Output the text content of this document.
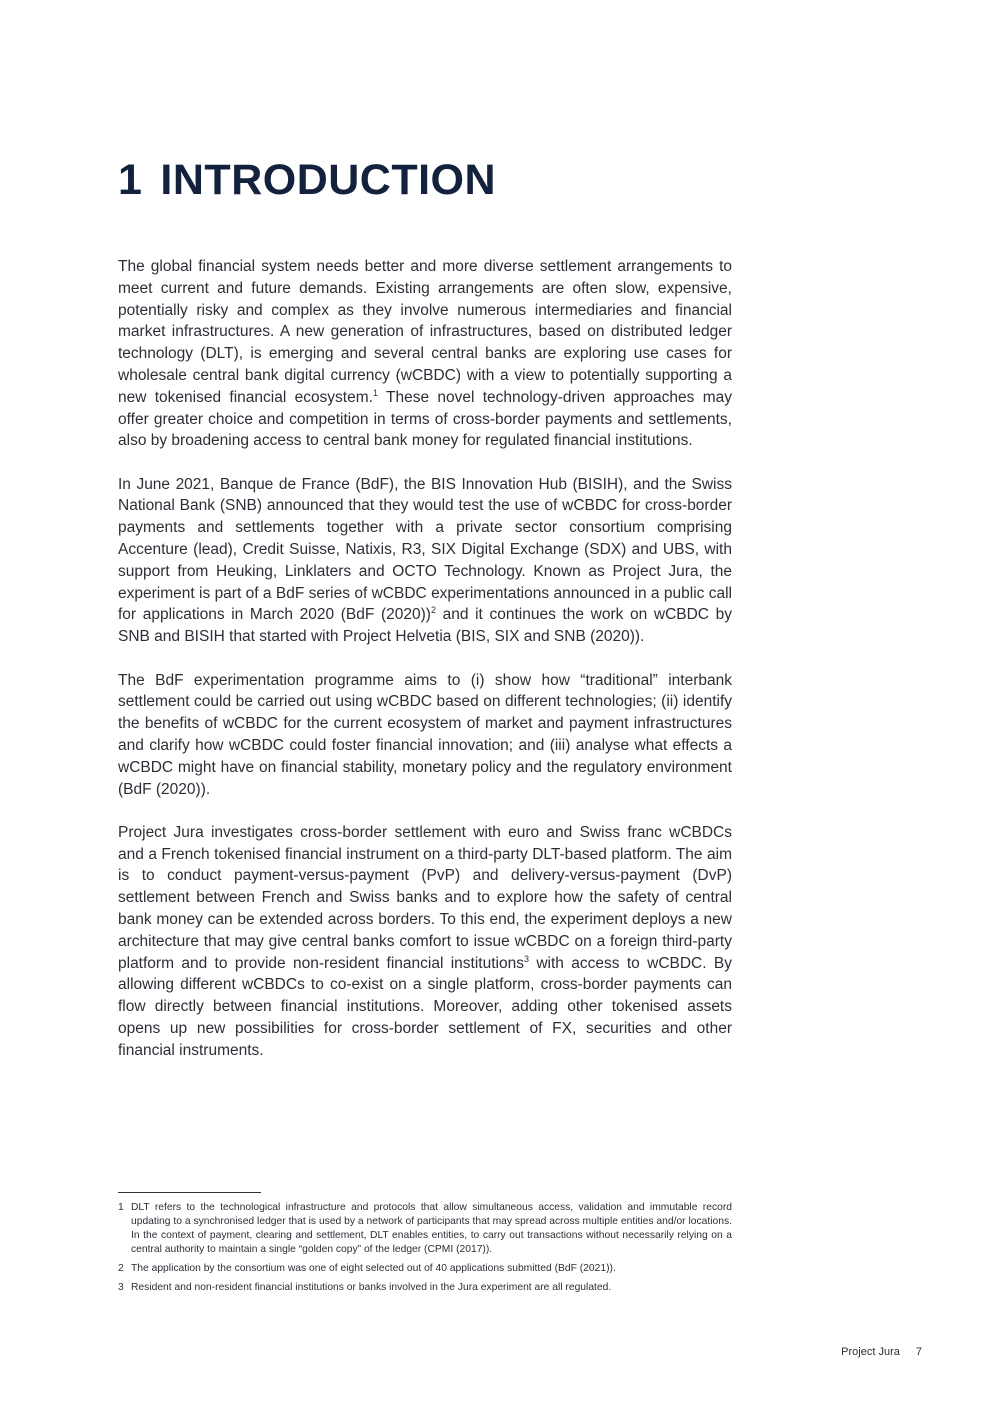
1 INTRODUCTION

The global financial system needs better and more diverse settlement arrangements to meet current and future demands. Existing arrangements are often slow, expensive, potentially risky and complex as they involve numerous intermediaries and financial market infrastructures. A new generation of infrastructures, based on distributed ledger technology (DLT), is emerging and several central banks are exploring use cases for wholesale central bank digital currency (wCBDC) with a view to potentially supporting a new tokenised financial ecosystem.$^1$ These novel technology-driven approaches may offer greater choice and competition in terms of cross-border payments and settlements, also by broadening access to central bank money for regulated financial institutions.

In June 2021, Banque de France (BdF), the BIS Innovation Hub (BISIH), and the Swiss National Bank (SNB) announced that they would test the use of wCBDC for cross-border payments and settlements together with a private sector consortium comprising Accenture (lead), Credit Suisse, Natixis, R3, SIX Digital Exchange (SDX) and UBS, with support from Heuking, Linklaters and OCTO Technology. Known as Project Jura, the experiment is part of a BdF series of wCBDC experimentations announced in a public call for applications in March 2020 (BdF (2020))$^2$ and it continues the work on wCBDC by SNB and BISIH that started with Project Helvetia (BIS, SIX and SNB (2020)).

The BdF experimentation programme aims to (i) show how “traditional” interbank settlement could be carried out using wCBDC based on different technologies; (ii) identify the benefits of wCBDC for the current ecosystem of market and payment infrastructures and clarify how wCBDC could foster financial innovation; and (iii) analyse what effects a wCBDC might have on financial stability, monetary policy and the regulatory environment (BdF (2020)).

Project Jura investigates cross-border settlement with euro and Swiss franc wCBDCs and a French tokenised financial instrument on a third-party DLT-based platform. The aim is to conduct payment-versus-payment (PvP) and delivery-versus-payment (DvP) settlement between French and Swiss banks and to explore how the safety of central bank money can be extended across borders. To this end, the experiment deploys a new architecture that may give central banks comfort to issue wCBDC on a foreign third-party platform and to provide non-resident financial institutions$^3$ with access to wCBDC. By allowing different wCBDCs to co-exist on a single platform, cross-border payments can flow directly between financial institutions. Moreover, adding other tokenised assets opens up new possibilities for cross-border settlement of FX, securities and other financial instruments.

1 DLT refers to the technological infrastructure and protocols that allow simultaneous access, validation and immutable record updating to a synchronised ledger that is used by a network of participants that may spread across multiple entities and/or locations. In the context of payment, clearing and settlement, DLT enables entities, to carry out transactions without necessarily relying on a central authority to maintain a single “golden copy” of the ledger (CPMI (2017)).
2 The application by the consortium was one of eight selected out of 40 applications submitted (BdF (2021)).
3 Resident and non-resident financial institutions or banks involved in the Jura experiment are all regulated.
Project Jura 7
